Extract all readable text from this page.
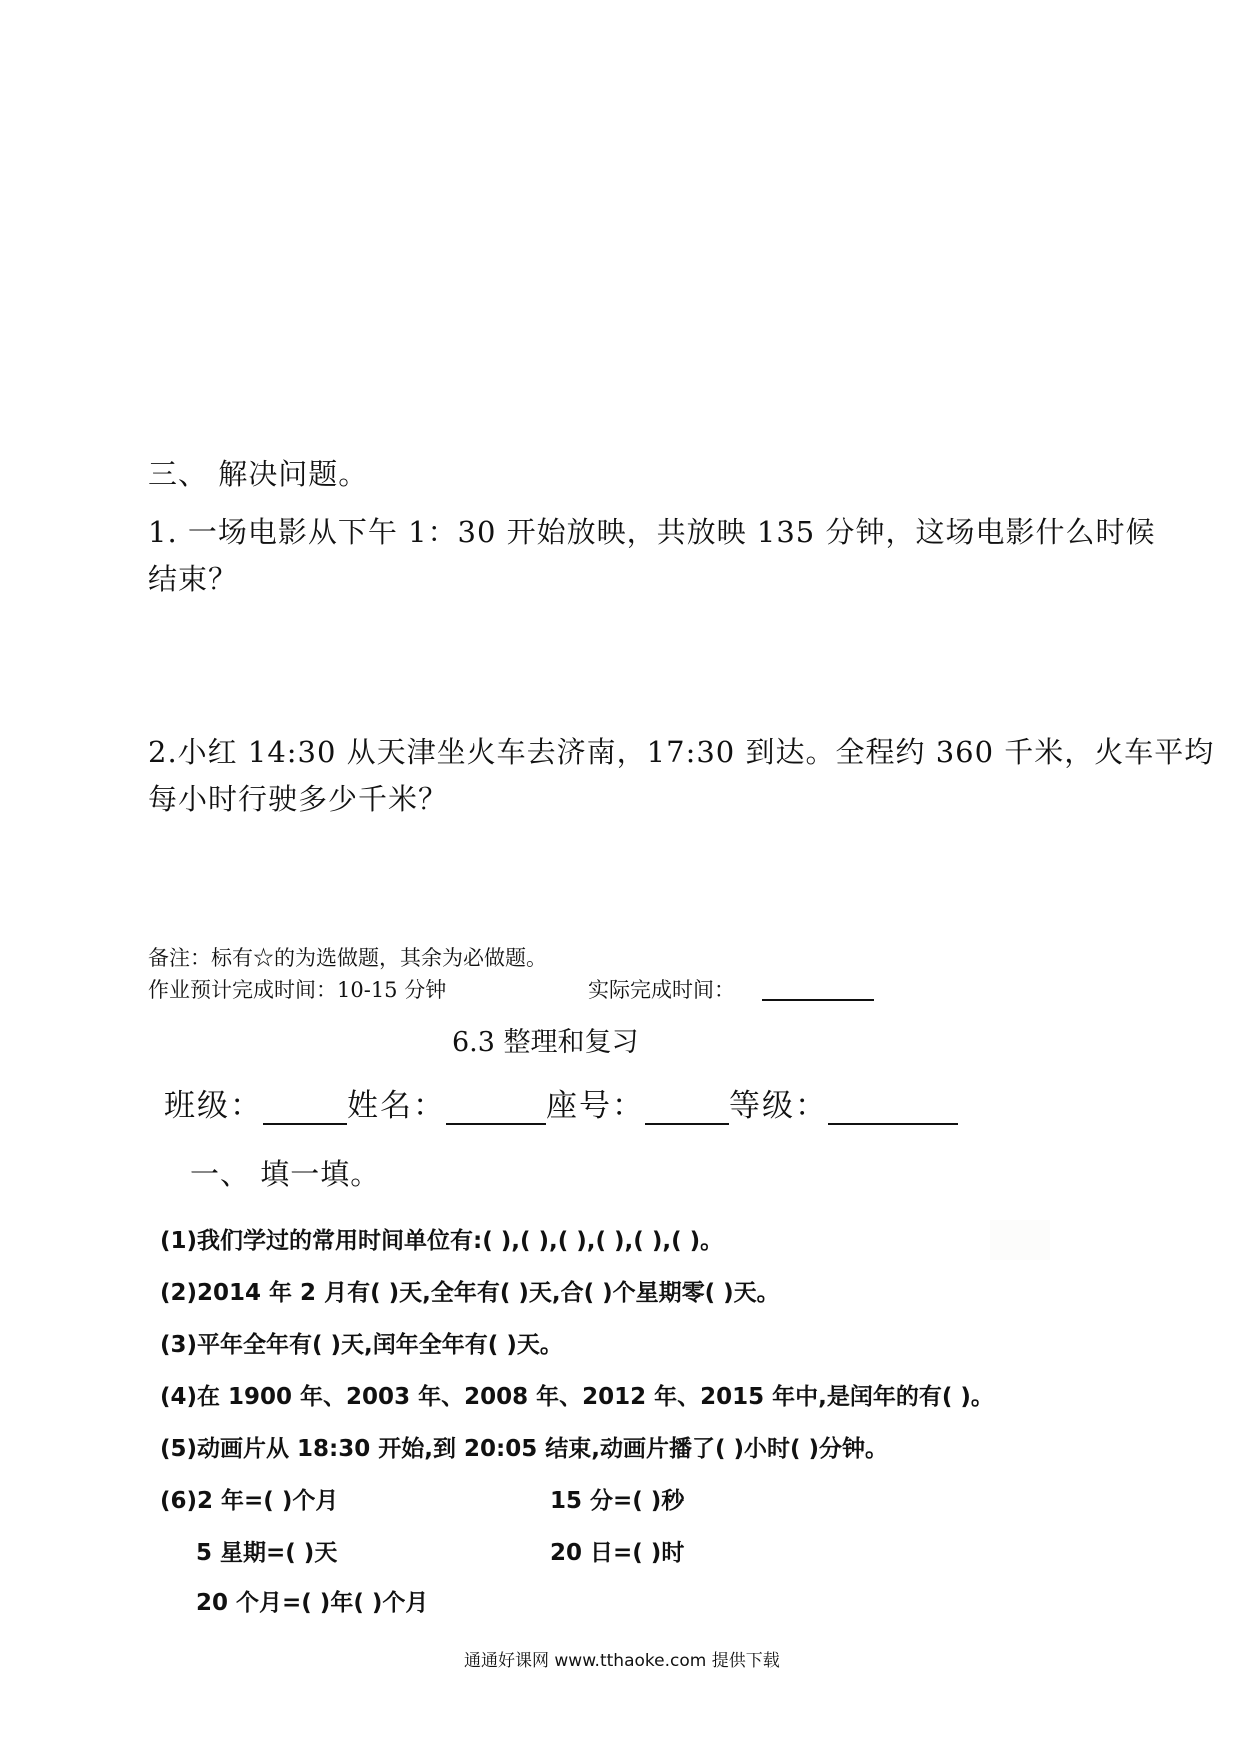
三、 解决问题。
1. 一场电影从下午 1：30 开始放映，共放映 135 分钟，这场电影什么时候
结束？
2.小红 14:30 从天津坐火车去济南，17:30 到达。全程约 360 千米，火车平均
每小时行驶多少千米？
备注：标有☆的为选做题，其余为必做题。
作业预计完成时间：10-15 分钟	实际完成时间：
6.3 整理和复习
班级：	姓名：	座号：	等级：
一、 填一填。
(1)我们学过的常用时间单位有:( ),( ),( ),( ),( ),( )。
(2)2014 年 2 月有( )天,全年有( )天,合( )个星期零( )天。
(3)平年全年有( )天,闰年全年有( )天。
(4)在 1900 年、2003 年、2008 年、2012 年、2015 年中,是闰年的有( )。
(5)动画片从 18:30 开始,到 20:05 结束,动画片播了( )小时( )分钟。
(6)2 年=( )个月	15 分=( )秒
5 星期=( )天	20 日=( )时
20 个月=( )年( )个月
通通好课网 www.tthaoke.com 提供下载
